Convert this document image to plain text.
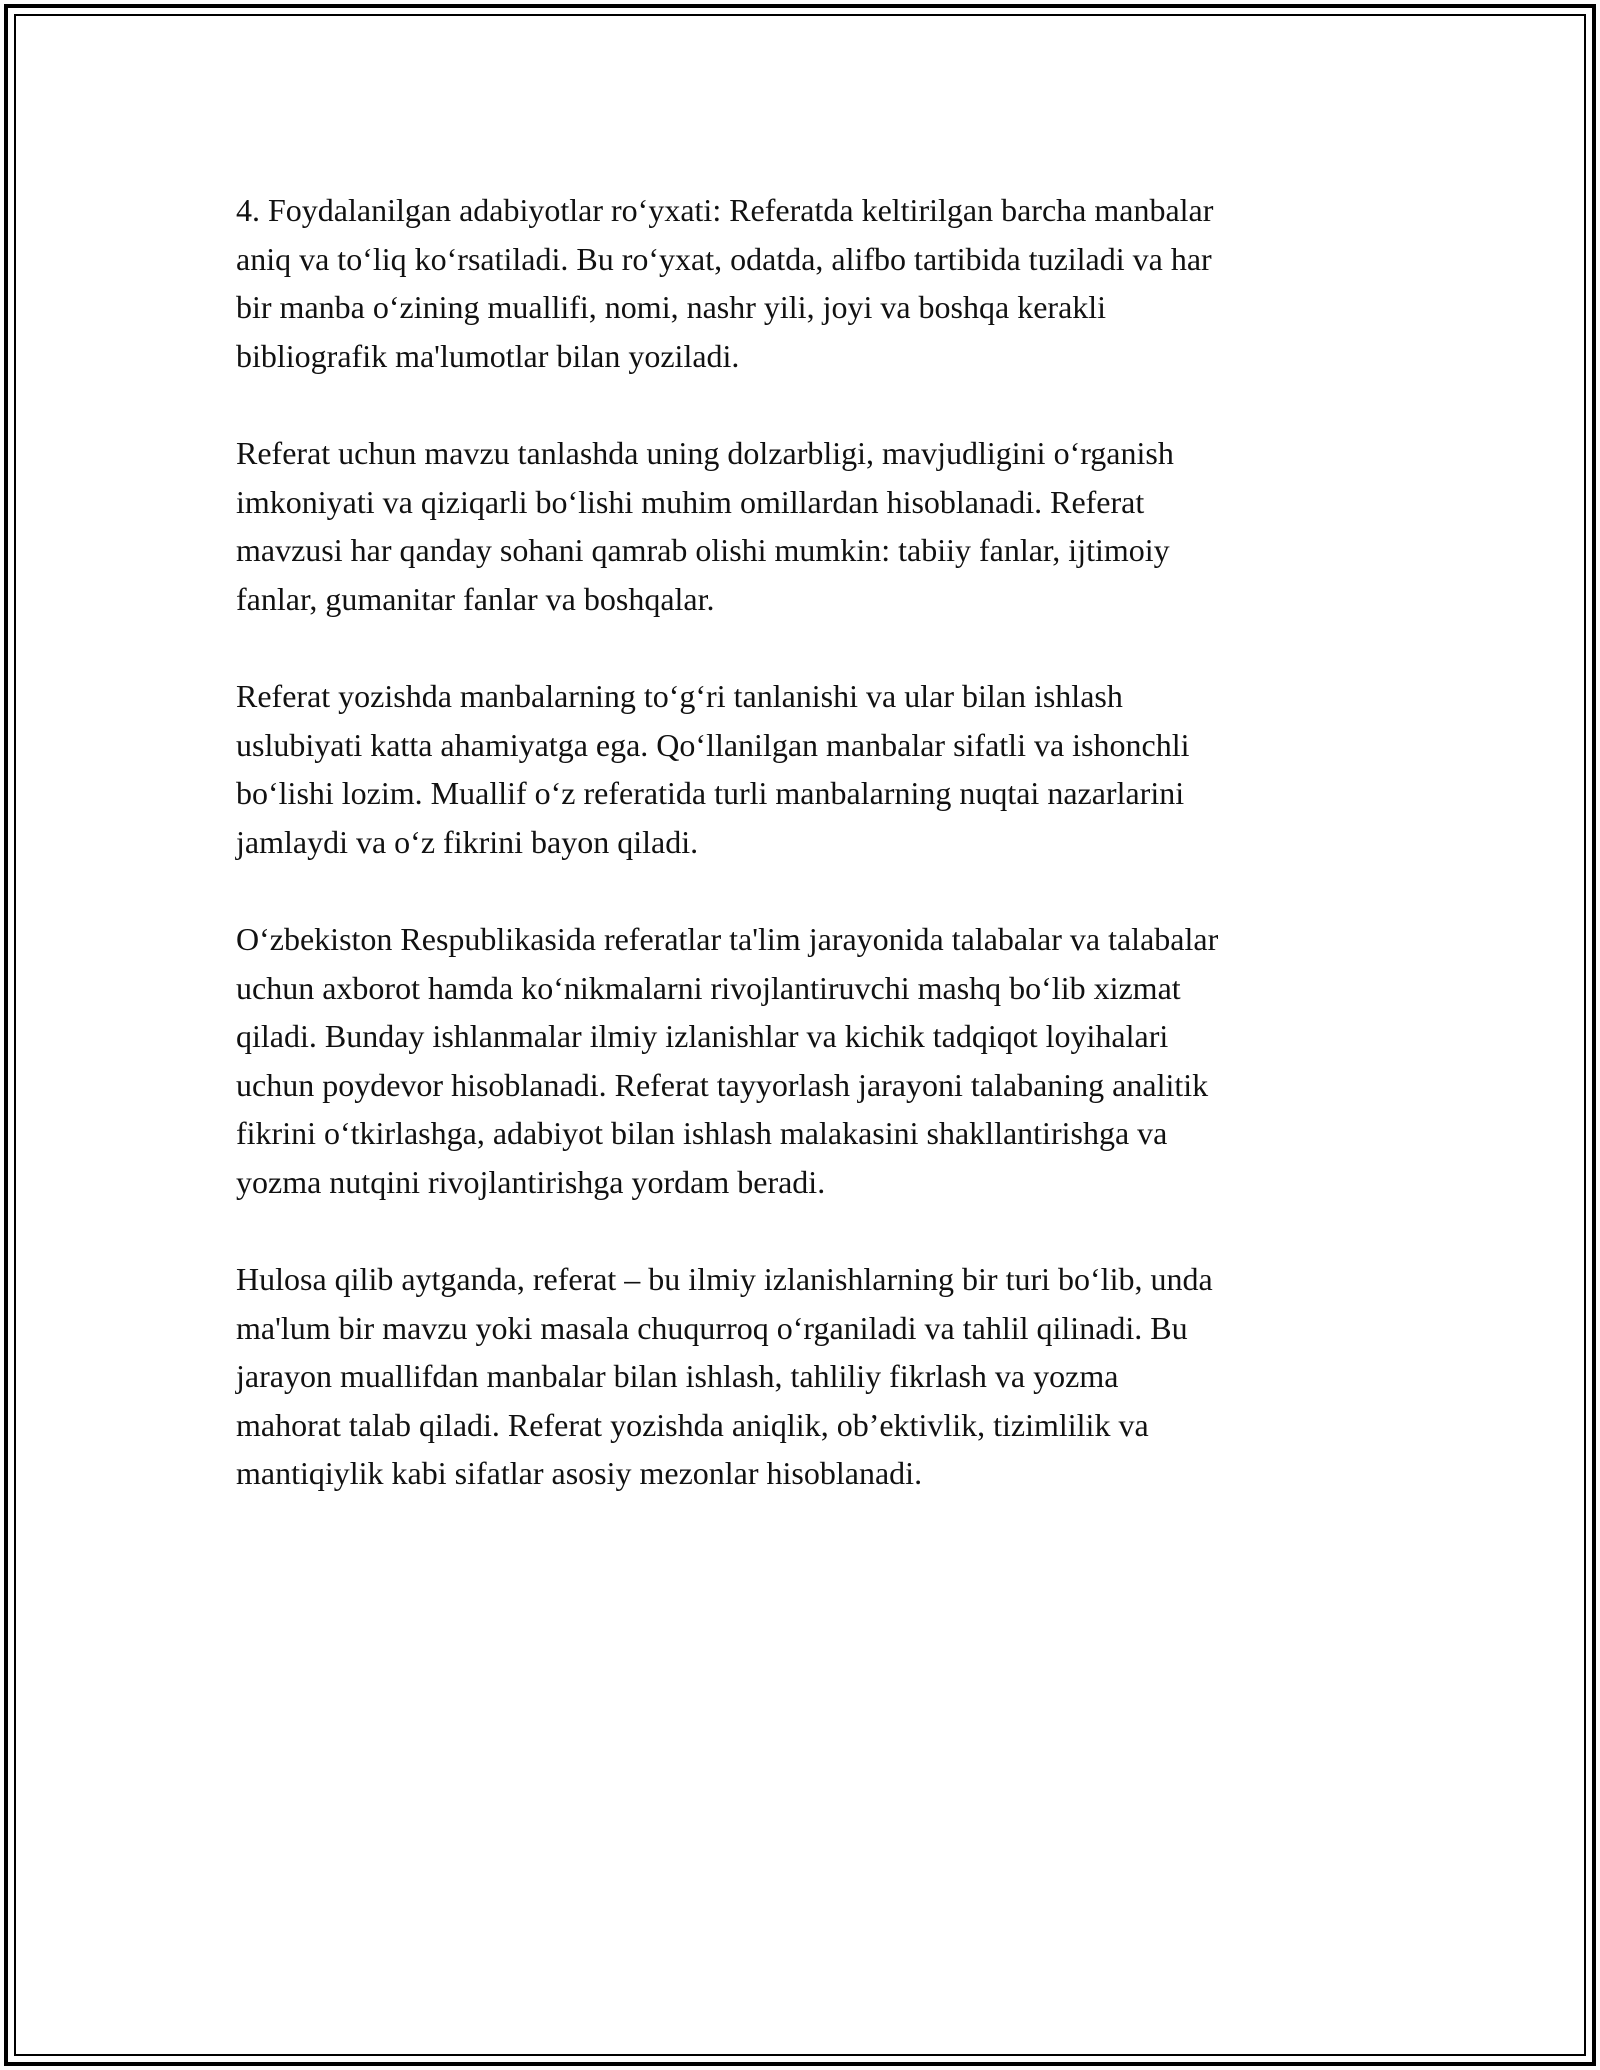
4. Foydalanilgan adabiyotlar ro‘yxati: Referatda keltirilgan barcha manbalar
aniq va to‘liq ko‘rsatiladi. Bu ro‘yxat, odatda, alifbo tartibida tuziladi va har
bir manba o‘zining muallifi, nomi, nashr yili, joyi va boshqa kerakli
bibliografik ma'lumotlar bilan yoziladi.

Referat uchun mavzu tanlashda uning dolzarbligi, mavjudligini o‘rganish
imkoniyati va qiziqarli bo‘lishi muhim omillardan hisoblanadi. Referat
mavzusi har qanday sohani qamrab olishi mumkin: tabiiy fanlar, ijtimoiy
fanlar, gumanitar fanlar va boshqalar.

Referat yozishda manbalarning to‘g‘ri tanlanishi va ular bilan ishlash
uslubiyati katta ahamiyatga ega. Qo‘llanilgan manbalar sifatli va ishonchli
bo‘lishi lozim. Muallif o‘z referatida turli manbalarning nuqtai nazarlarini
jamlaydi va o‘z fikrini bayon qiladi.

O‘zbekiston Respublikasida referatlar ta'lim jarayonida talabalar va talabalar
uchun axborot hamda ko‘nikmalarni rivojlantiruvchi mashq bo‘lib xizmat
qiladi. Bunday ishlanmalar ilmiy izlanishlar va kichik tadqiqot loyihalari
uchun poydevor hisoblanadi. Referat tayyorlash jarayoni talabaning analitik
fikrini o‘tkirlashga, adabiyot bilan ishlash malakasini shakllantirishga va
yozma nutqini rivojlantirishga yordam beradi.

Hulosa qilib aytganda, referat – bu ilmiy izlanishlarning bir turi bo‘lib, unda
ma'lum bir mavzu yoki masala chuqurroq o‘rganiladi va tahlil qilinadi. Bu
jarayon muallifdan manbalar bilan ishlash, tahliliy fikrlash va yozma
mahorat talab qiladi. Referat yozishda aniqlik, ob’ektivlik, tizimlilik va
mantiqiylik kabi sifatlar asosiy mezonlar hisoblanadi.
